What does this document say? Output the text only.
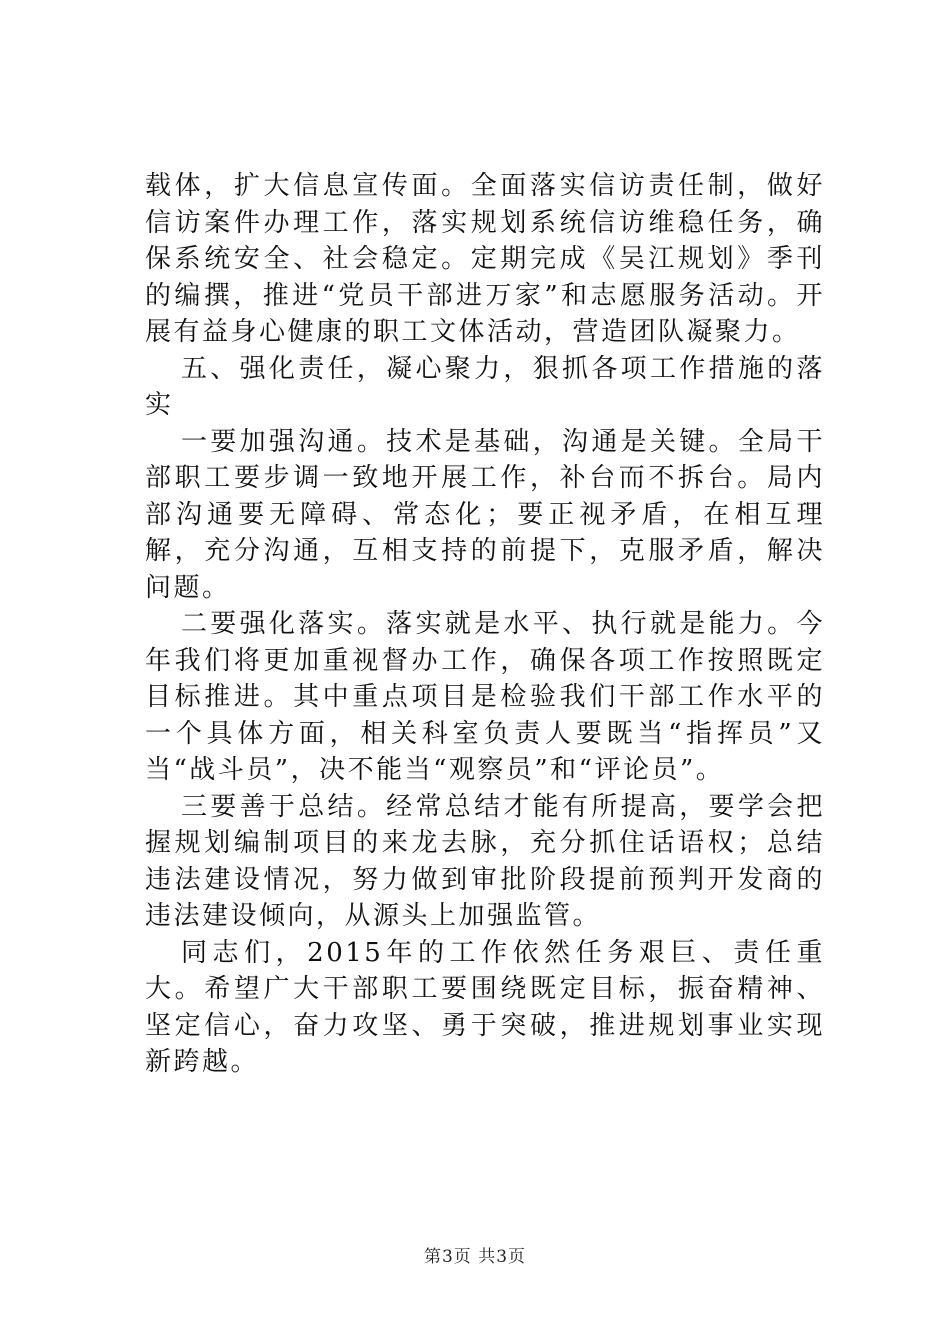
载体，扩大信息宣传面。全面落实信访责任制，做好信访案件办理工作，落实规划系统信访维稳任务，确保系统安全、社会稳定。定期完成《吴江规划》季刊的编撰，推进“党员干部进万家”和志愿服务活动。开展有益身心健康的职工文体活动，营造团队凝聚力。

五、强化责任，凝心聚力，狠抓各项工作措施的落实

一要加强沟通。技术是基础，沟通是关键。全局干部职工要步调一致地开展工作，补台而不拆台。局内部沟通要无障碍、常态化；要正视矛盾，在相互理解，充分沟通，互相支持的前提下，克服矛盾，解决问题。

二要强化落实。落实就是水平、执行就是能力。今年我们将更加重视督办工作，确保各项工作按照既定目标推进。其中重点项目是检验我们干部工作水平的一个具体方面，相关科室负责人要既当“指挥员”又当“战斗员”，决不能当“观察员”和“评论员”。

三要善于总结。经常总结才能有所提高，要学会把握规划编制项目的来龙去脉，充分抓住话语权；总结违法建设情况，努力做到审批阶段提前预判开发商的违法建设倾向，从源头上加强监管。

同志们，2015年的工作依然任务艰巨、责任重大。希望广大干部职工要围绕既定目标，振奋精神、坚定信心，奋力攻坚、勇于突破，推进规划事业实现新跨越。

第3页 共3页
